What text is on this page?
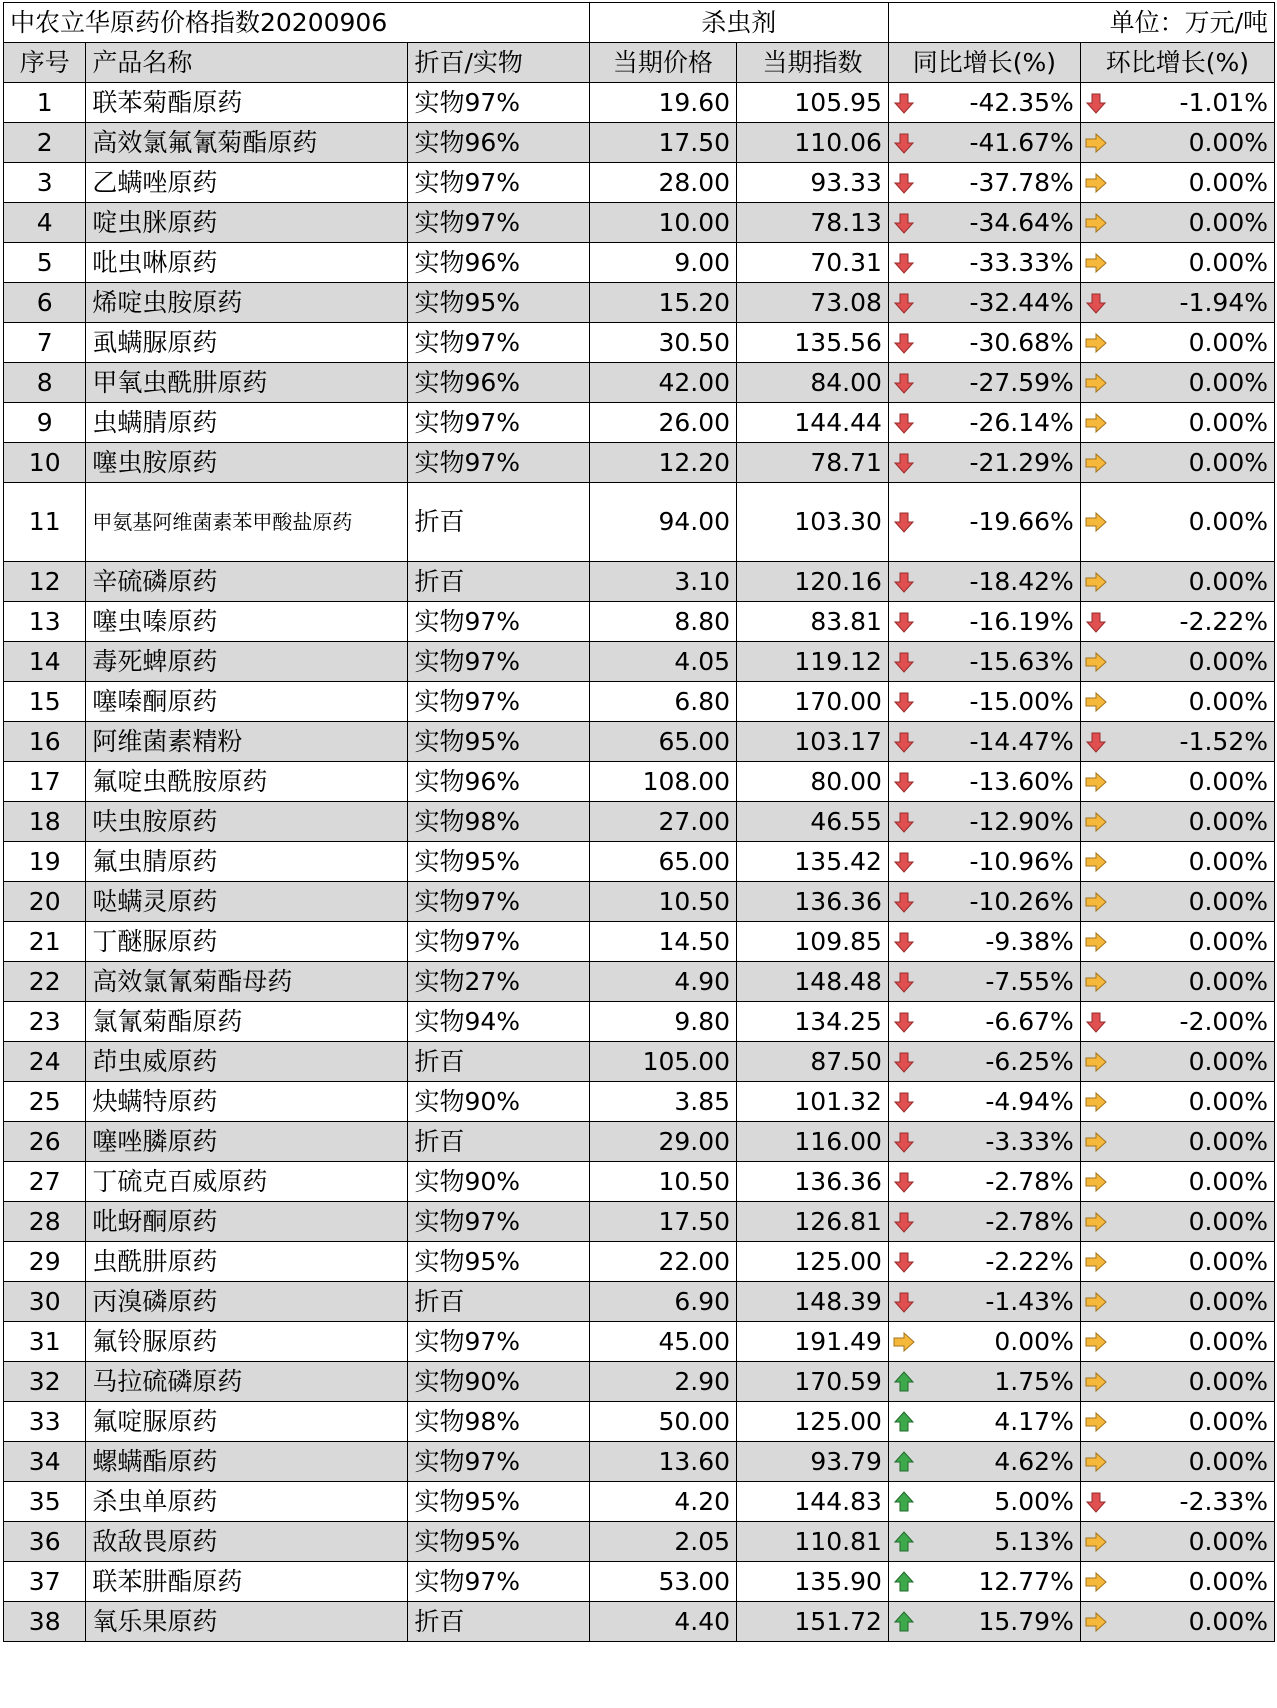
中农立华原药价格指数20200906			杀虫剂		单位：万元/吨	
序号	产品名称	折百/实物	当期价格	当期指数	同比增长(%)	环比增长(%)
1	联苯菊酯原药	实物97%	19.60	105.95	-42.35%	-1.01%

2	高效氯氟氰菊酯原药	实物96%	17.50	110.06	-41.67%	0.00%

3	乙螨唑原药	实物97%	28.00	93.33	-37.78%	0.00%

4	啶虫脒原药	实物97%	10.00	78.13	-34.64%	0.00%

5	吡虫啉原药	实物96%	9.00	70.31	-33.33%	0.00%

6	烯啶虫胺原药	实物95%	15.20	73.08	-32.44%	-1.94%

7	虱螨脲原药	实物97%	30.50	135.56	-30.68%	0.00%

8	甲氧虫酰肼原药	实物96%	42.00	84.00	-27.59%	0.00%

9	虫螨腈原药	实物97%	26.00	144.44	-26.14%	0.00%

10	噻虫胺原药	实物97%	12.20	78.71	-21.29%	0.00%

11	甲氨基阿维菌素苯甲酸盐原药	折百	94.00	103.30	-19.66%	0.00%

12	辛硫磷原药	折百	3.10	120.16	-18.42%	0.00%

13	噻虫嗪原药	实物97%	8.80	83.81	-16.19%	-2.22%

14	毒死蜱原药	实物97%	4.05	119.12	-15.63%	0.00%

15	噻嗪酮原药	实物97%	6.80	170.00	-15.00%	0.00%

16	阿维菌素精粉	实物95%	65.00	103.17	-14.47%	-1.52%

17	氟啶虫酰胺原药	实物96%	108.00	80.00	-13.60%	0.00%

18	呋虫胺原药	实物98%	27.00	46.55	-12.90%	0.00%

19	氟虫腈原药	实物95%	65.00	135.42	-10.96%	0.00%

20	哒螨灵原药	实物97%	10.50	136.36	-10.26%	0.00%

21	丁醚脲原药	实物97%	14.50	109.85	-9.38%	0.00%

22	高效氯氰菊酯母药	实物27%	4.90	148.48	-7.55%	0.00%

23	氯氰菊酯原药	实物94%	9.80	134.25	-6.67%	-2.00%

24	茚虫威原药	折百	105.00	87.50	-6.25%	0.00%

25	炔螨特原药	实物90%	3.85	101.32	-4.94%	0.00%

26	噻唑膦原药	折百	29.00	116.00	-3.33%	0.00%

27	丁硫克百威原药	实物90%	10.50	136.36	-2.78%	0.00%

28	吡蚜酮原药	实物97%	17.50	126.81	-2.78%	0.00%

29	虫酰肼原药	实物95%	22.00	125.00	-2.22%	0.00%

30	丙溴磷原药	折百	6.90	148.39	-1.43%	0.00%

31	氟铃脲原药	实物97%	45.00	191.49	0.00%	0.00%

32	马拉硫磷原药	实物90%	2.90	170.59	1.75%	0.00%

33	氟啶脲原药	实物98%	50.00	125.00	4.17%	0.00%

34	螺螨酯原药	实物97%	13.60	93.79	4.62%	0.00%

35	杀虫单原药	实物95%	4.20	144.83	5.00%	-2.33%

36	敌敌畏原药	实物95%	2.05	110.81	5.13%	0.00%

37	联苯肼酯原药	实物97%	53.00	135.90	12.77%	0.00%

38	氧乐果原药	折百	4.40	151.72	15.79%	0.00%
